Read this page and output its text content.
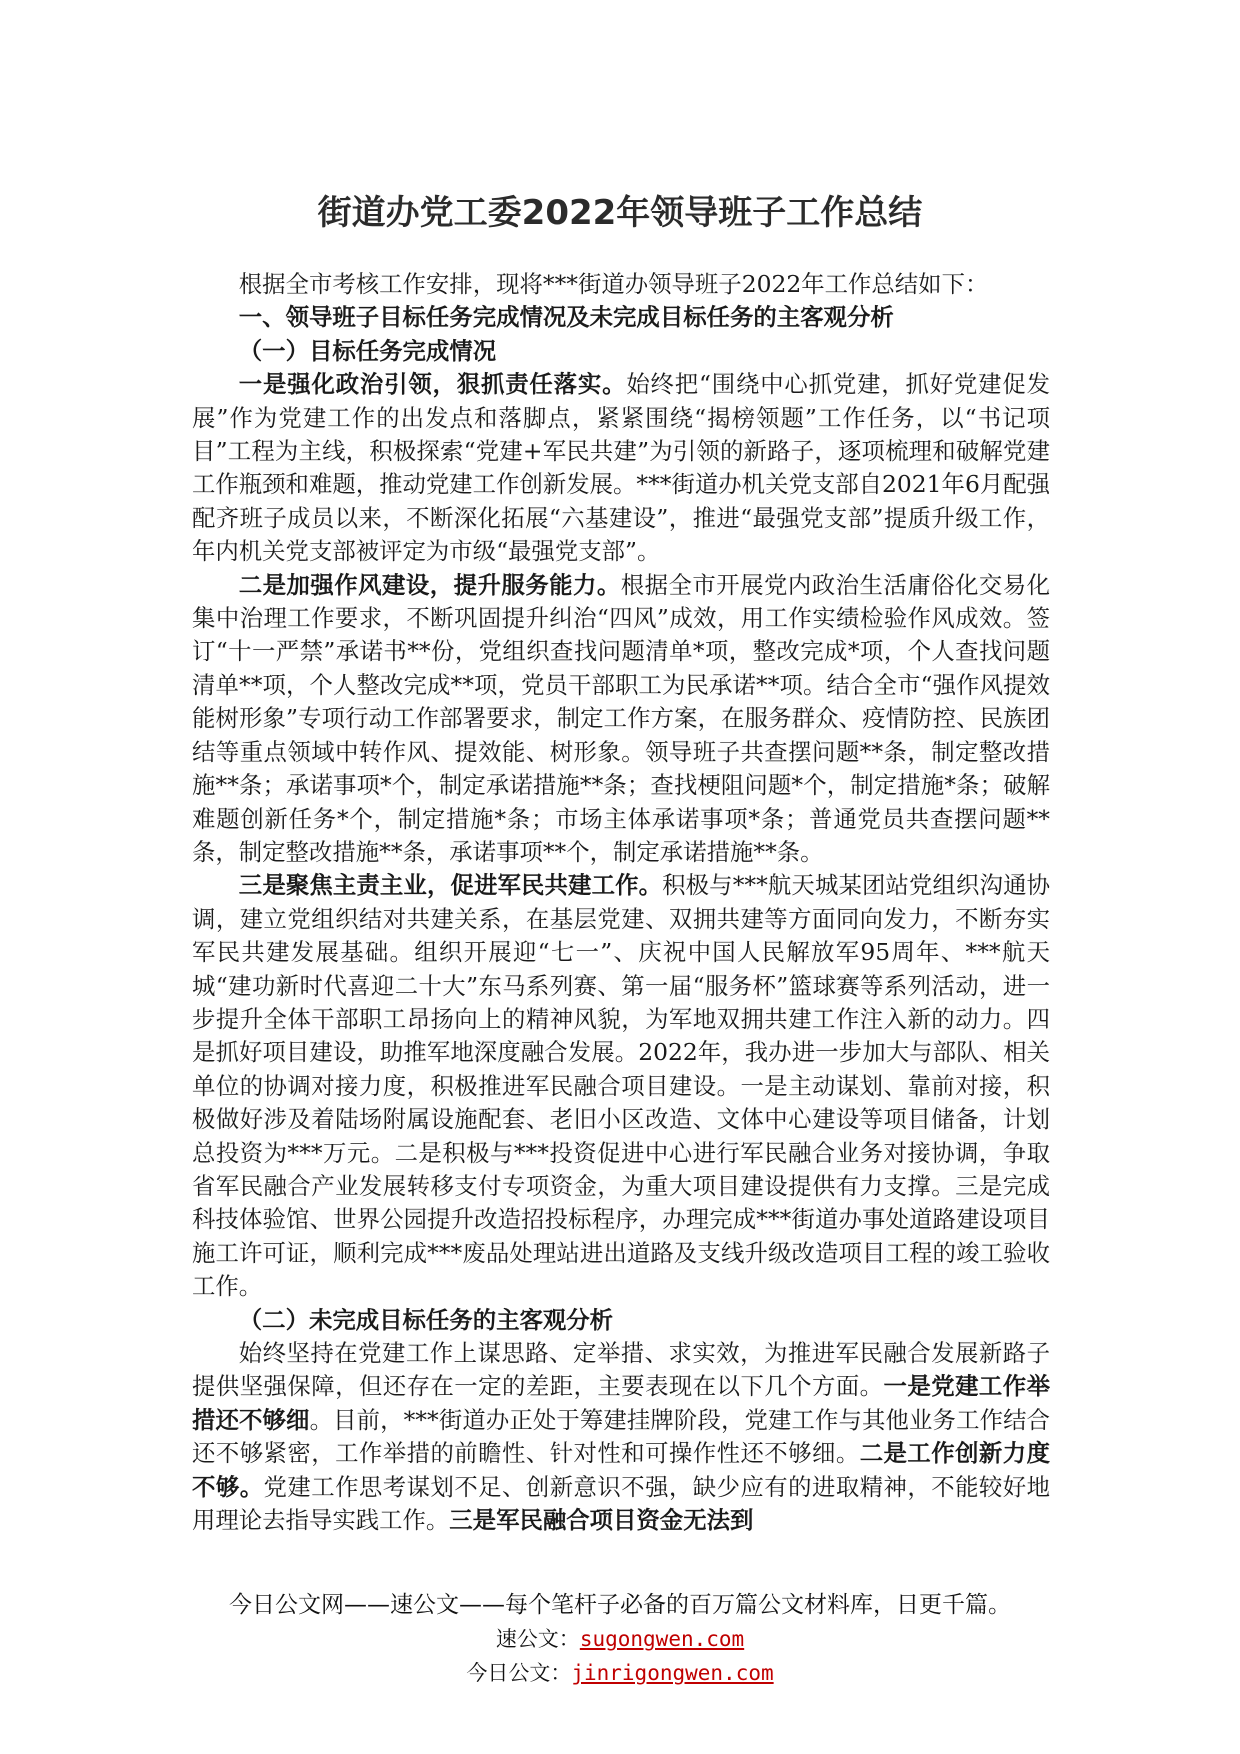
街道办党工委2022年领导班子工作总结

根据全市考核工作安排，现将***街道办领导班子2022年工作总结如下：

一、领导班子目标任务完成情况及未完成目标任务的主客观分析
（一）目标任务完成情况

一是强化政治引领，狠抓责任落实。始终把“围绕中心抓党建，抓好党建促发展”作为党建工作的出发点和落脚点，紧紧围绕“揭榜领题”工作任务，以“书记项目”工程为主线，积极探索“党建+军民共建”为引领的新路子，逐项梳理和破解党建工作瓶颈和难题，推动党建工作创新发展。***街道办机关党支部自2021年6月配强配齐班子成员以来，不断深化拓展“六基建设”，推进“最强党支部”提质升级工作，年内机关党支部被评定为市级“最强党支部”。

二是加强作风建设，提升服务能力。根据全市开展党内政治生活庸俗化交易化集中治理工作要求，不断巩固提升纠治“四风”成效，用工作实绩检验作风成效。签订“十一严禁”承诺书**份，党组织查找问题清单*项，整改完成*项，个人查找问题清单**项，个人整改完成**项，党员干部职工为民承诺**项。结合全市“强作风提效能树形象”专项行动工作部署要求，制定工作方案，在服务群众、疫情防控、民族团结等重点领域中转作风、提效能、树形象。领导班子共查摆问题**条，制定整改措施**条；承诺事项*个，制定承诺措施**条；查找梗阻问题*个，制定措施*条；破解难题创新任务*个，制定措施*条；市场主体承诺事项*条；普通党员共查摆问题**条，制定整改措施**条，承诺事项**个，制定承诺措施**条。

三是聚焦主责主业，促进军民共建工作。积极与***航天城某团站党组织沟通协调，建立党组织结对共建关系，在基层党建、双拥共建等方面同向发力，不断夯实军民共建发展基础。组织开展迎“七一”、庆祝中国人民解放军95周年、***航天城“建功新时代喜迎二十大”东马系列赛、第一届“服务杯”篮球赛等系列活动，进一步提升全体干部职工昂扬向上的精神风貌，为军地双拥共建工作注入新的动力。四是抓好项目建设，助推军地深度融合发展。2022年，我办进一步加大与部队、相关单位的协调对接力度，积极推进军民融合项目建设。一是主动谋划、靠前对接，积极做好涉及着陆场附属设施配套、老旧小区改造、文体中心建设等项目储备，计划总投资为***万元。二是积极与***投资促进中心进行军民融合业务对接协调，争取省军民融合产业发展转移支付专项资金，为重大项目建设提供有力支撑。三是完成科技体验馆、世界公园提升改造招投标程序，办理完成***街道办事处道路建设项目施工许可证，顺利完成***废品处理站进出道路及支线升级改造项目工程的竣工验收工作。

（二）未完成目标任务的主客观分析

始终坚持在党建工作上谋思路、定举措、求实效，为推进军民融合发展新路子提供坚强保障，但还存在一定的差距，主要表现在以下几个方面。一是党建工作举措还不够细。目前，***街道办正处于筹建挂牌阶段，党建工作与其他业务工作结合还不够紧密，工作举措的前瞻性、针对性和可操作性还不够细。二是工作创新力度不够。党建工作思考谋划不足、创新意识不强，缺少应有的进取精神，不能较好地用理论去指导实践工作。三是军民融合项目资金无法到

今日公文网——速公文——每个笔杆子必备的百万篇公文材料库，日更千篇。
速公文：sugongwen.com
今日公文：jinrigongwen.com
